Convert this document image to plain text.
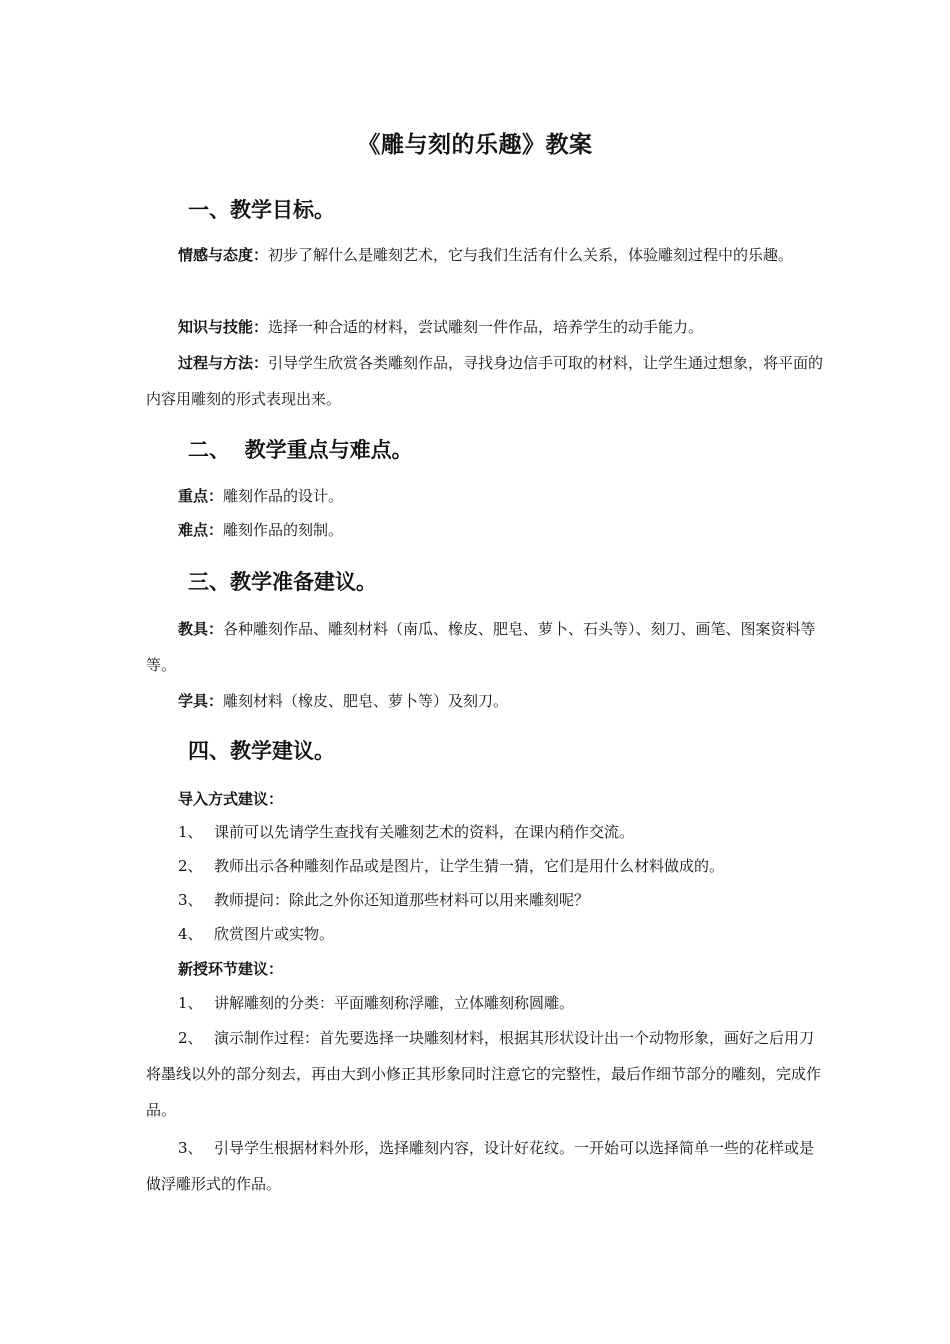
《雕与刻的乐趣》教案
一、教学目标。
情感与态度：初步了解什么是雕刻艺术，它与我们生活有什么关系，体验雕刻过程中的乐趣。
知识与技能：选择一种合适的材料，尝试雕刻一件作品，培养学生的动手能力。
过程与方法：引导学生欣赏各类雕刻作品，寻找身边信手可取的材料，让学生通过想象，将平面的内容用雕刻的形式表现出来。
二、  教学重点与难点。
重点：雕刻作品的设计。
难点：雕刻作品的刻制。
三、教学准备建议。
教具：各种雕刻作品、雕刻材料（南瓜、橡皮、肥皂、萝卜、石头等）、刻刀、画笔、图案资料等等。
学具：雕刻材料（橡皮、肥皂、萝卜等）及刻刀。
四、教学建议。
导入方式建议：
1、 课前可以先请学生查找有关雕刻艺术的资料，在课内稍作交流。
2、 教师出示各种雕刻作品或是图片，让学生猜一猜，它们是用什么材料做成的。
3、 教师提问：除此之外你还知道那些材料可以用来雕刻呢？
4、 欣赏图片或实物。
新授环节建议：
1、 讲解雕刻的分类：平面雕刻称浮雕，立体雕刻称圆雕。
2、 演示制作过程：首先要选择一块雕刻材料，根据其形状设计出一个动物形象，画好之后用刀将墨线以外的部分刻去，再由大到小修正其形象同时注意它的完整性，最后作细节部分的雕刻，完成作品。
3、 引导学生根据材料外形，选择雕刻内容，设计好花纹。一开始可以选择简单一些的花样或是做浮雕形式的作品。
